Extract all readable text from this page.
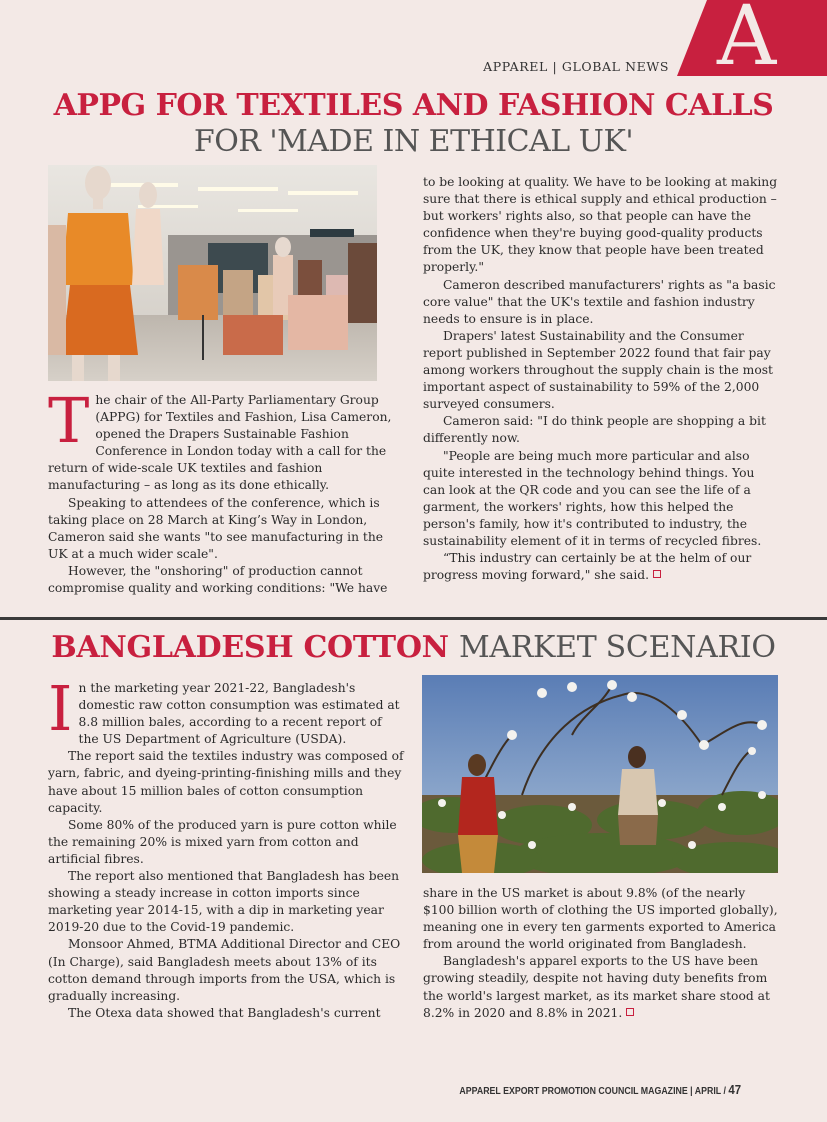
A
APPAREL | GLOBAL NEWS
APPG FOR TEXTILES AND FASHION CALLS
FOR 'MADE IN ETHICAL UK'

The chair of the All-Party Parliamentary Group (APPG) for Textiles and Fashion, Lisa Cameron, opened the Drapers Sustainable Fashion Conference in London today with a call for the return of wide-scale UK textiles and fashion manufacturing – as long as its done ethically.

Speaking to attendees of the conference, which is taking place on 28 March at King’s Way in London, Cameron said she wants "to see manufacturing in the UK at a much wider scale".

However, the "onshoring" of production cannot compromise quality and working conditions: "We have

to be looking at quality. We have to be looking at making sure that there is ethical supply and ethical production – but workers' rights also, so that people can have the confidence when they're buying good-quality products from the UK, they know that people have been treated properly."

Cameron described manufacturers' rights as "a basic core value" that the UK's textile and fashion industry needs to ensure is in place.

Drapers' latest Sustainability and the Consumer report published in September 2022 found that fair pay among workers throughout the supply chain is the most important aspect of sustainability to 59% of the 2,000 surveyed consumers.

Cameron said: "I do think people are shopping a bit differently now.

"People are being much more particular and also quite interested in the technology behind things. You can look at the QR code and you can see the life of a garment, the workers' rights, how this helped the person's family, how it's contributed to industry, the sustainability element of it in terms of recycled fibres.

“This industry can certainly be at the helm of our progress moving forward," she said.

BANGLADESH COTTON MARKET SCENARIO

In the marketing year 2021-22, Bangladesh's domestic raw cotton consumption was estimated at 8.8 million bales, according to a recent report of the US Department of Agriculture (USDA).

The report said the textiles industry was composed of yarn, fabric, and dyeing-printing-finishing mills and they have about 15 million bales of cotton consumption capacity.

Some 80% of the produced yarn is pure cotton while the remaining 20% is mixed yarn from cotton and artificial fibres.

The report also mentioned that Bangladesh has been showing a steady increase in cotton imports since marketing year 2014-15, with a dip in marketing year 2019-20 due to the Covid-19 pandemic.

Monsoor Ahmed, BTMA Additional Director and CEO (In Charge), said Bangladesh meets about 13% of its cotton demand through imports from the USA, which is gradually increasing.

The Otexa data showed that Bangladesh's current

share in the US market is about 9.8% (of the nearly $100 billion worth of clothing the US imported globally), meaning one in every ten garments exported to America from around the world originated from Bangladesh.

Bangladesh's apparel exports to the US have been growing steadily, despite not having duty benefits from the world's largest market, as its market share stood at 8.2% in 2020 and 8.8% in 2021.

APPAREL EXPORT PROMOTION COUNCIL MAGAZINE | APRIL / 47
